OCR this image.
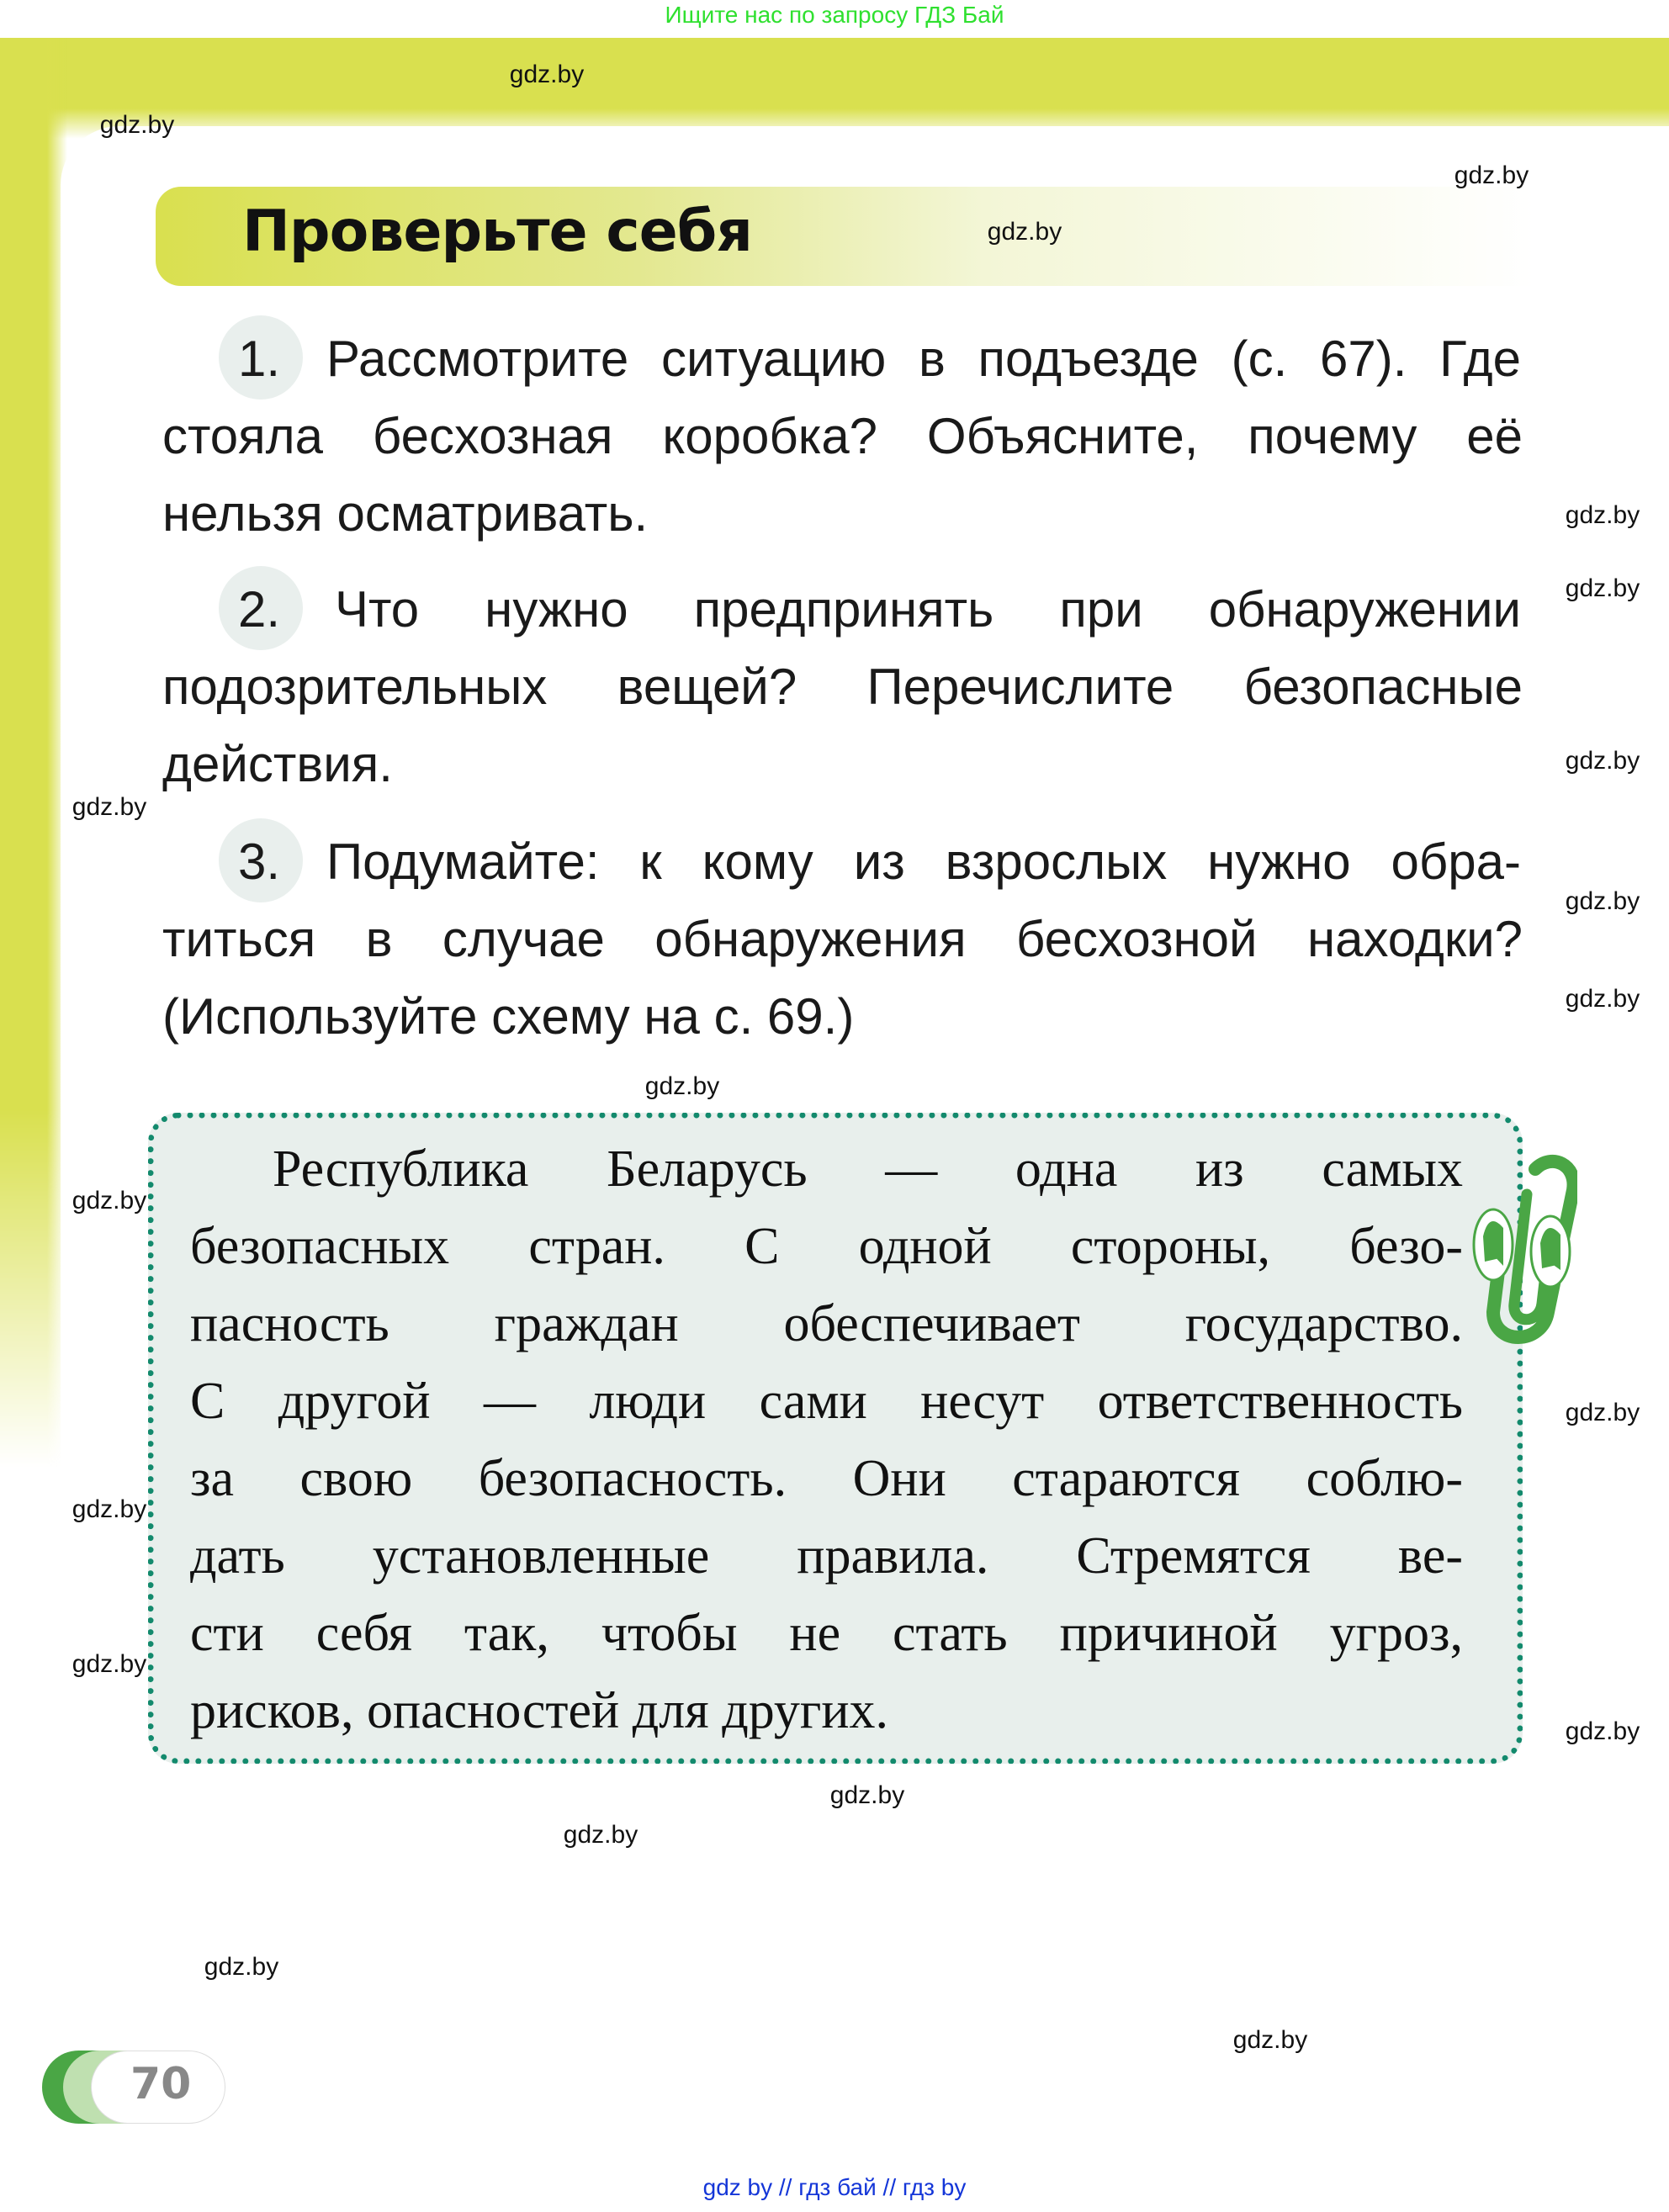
Ищите нас по запросу ГДЗ Бай
Проверьте себя
1. Рассмотрите ситуацию в подъезде (с. 67). Где
стояла бесхозная коробка? Объясните, почему её
нельзя осматривать.
2. Что нужно предпринять при обнаружении
подозрительных вещей? Перечислите безопасные
действия.
3. Подумайте: к кому из взрослых нужно обра-
титься в случае обнаружения бесхозной находки?
(Используйте схему на с. 69.)
Республика Беларусь — одна из самых
безопасных стран. С одной стороны, безо-
пасность граждан обеспечивает государство.
С другой — люди сами несут ответственность
за свою безопасность. Они стараются соблю-
дать установленные правила. Стремятся ве-
сти себя так, чтобы не стать причиной угроз,
рисков, опасностей для других.
gdz.by
gdz.by
gdz.by
gdz.by
gdz.by
gdz.by
gdz.by
gdz.by
gdz.by
gdz.by
gdz.by
gdz.by
gdz.by
gdz.by
gdz.by
gdz.by
gdz.by
gdz.by
gdz.by
gdz.by
70
gdz by // гдз бай // гдз by
